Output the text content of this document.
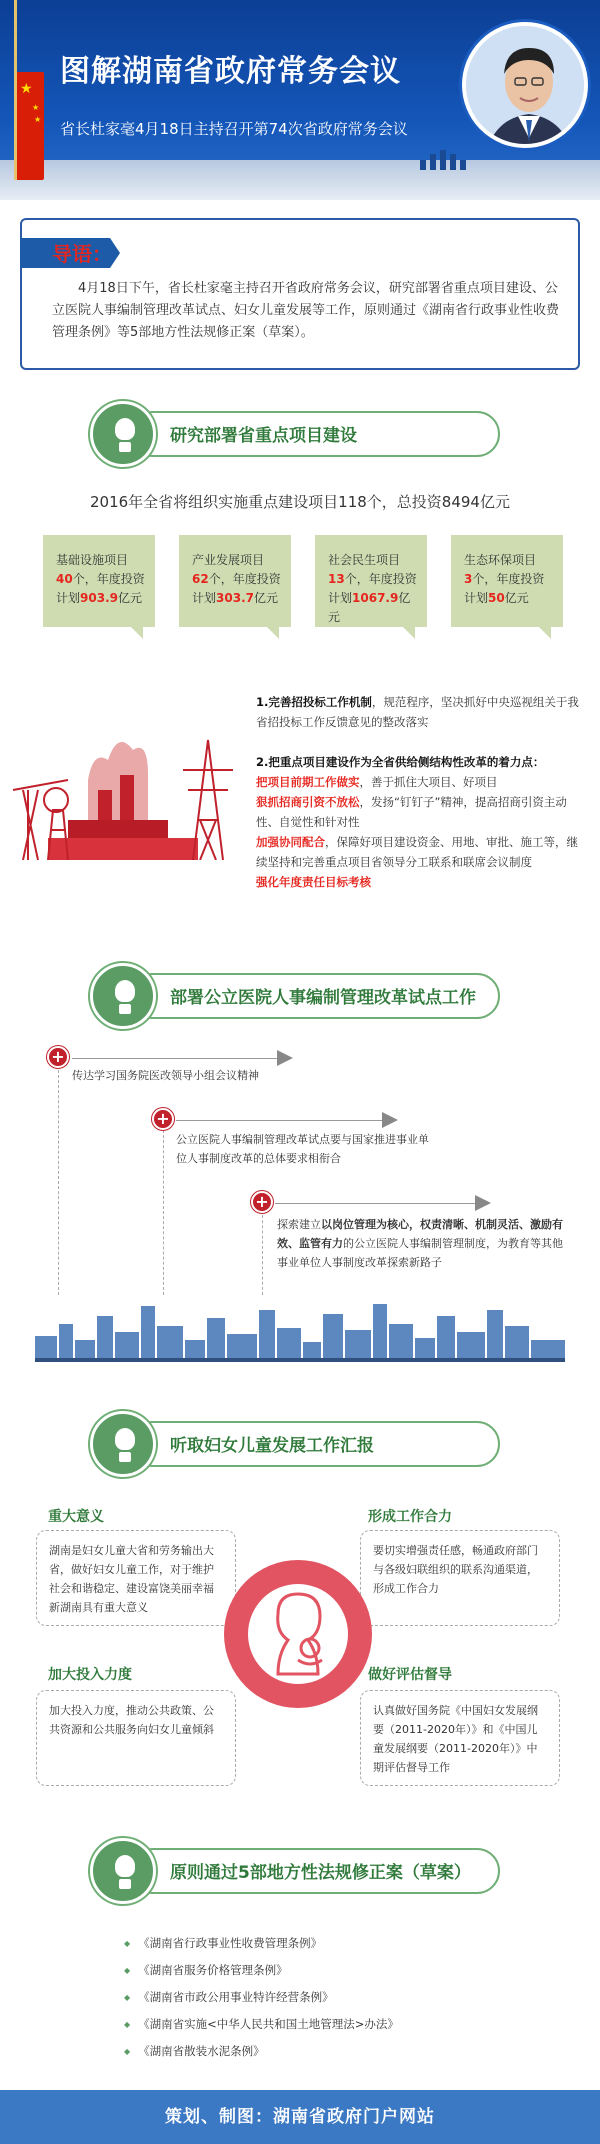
★
★
★
图解湖南省政府常务会议
省长杜家毫4月18日主持召开第74次省政府常务会议
导语：
4月18日下午，省长杜家毫主持召开省政府常务会议，研究部署省重点项目建设、公立医院人事编制管理改革试点、妇女儿童发展等工作，原则通过《湖南省行政事业性收费管理条例》等5部地方性法规修正案（草案）。
研究部署省重点项目建设
2016年全省将组织实施重点建设项目118个，总投资8494亿元
基础设施项目
40个，年度投资计划903.9亿元
产业发展项目
62个，年度投资计划303.7亿元
社会民生项目
13个，年度投资计划1067.9亿元
生态环保项目
3个，年度投资计划50亿元

1.完善招投标工作机制，规范程序，坚决抓好中央巡视组关于我省招投标工作反馈意见的整改落实

2.把重点项目建设作为全省供给侧结构性改革的着力点：

把项目前期工作做实，善于抓住大项目、好项目

狠抓招商引资不放松，发扬“钉钉子”精神，提高招商引资主动性、自觉性和针对性

加强协同配合，保障好项目建设资金、用地、审批、施工等，继续坚持和完善重点项目省领导分工联系和联席会议制度

强化年度责任目标考核

部署公立医院人事编制管理改革试点工作
+
传达学习国务院医改领导小组会议精神
+
公立医院人事编制管理改革试点要与国家推进事业单位人事制度改革的总体要求相衔合
+
探索建立以岗位管理为核心，权责清晰、机制灵活、激励有效、监管有力的公立医院人事编制管理制度，为教育等其他事业单位人事制度改革探索新路子
听取妇女儿童发展工作汇报
重大意义
湖南是妇女儿童大省和劳务输出大省，做好妇女儿童工作，对于维护社会和谐稳定、建设富饶美丽幸福新湖南具有重大意义
形成工作合力
要切实增强责任感，畅通政府部门与各级妇联组织的联系沟通渠道，形成工作合力
加大投入力度
加大投入力度，推动公共政策、公共资源和公共服务向妇女儿童倾斜
做好评估督导
认真做好国务院《中国妇女发展纲要（2011-2020年）》和《中国儿童发展纲要（2011-2020年）》中期评估督导工作
原则通过5部地方性法规修正案（草案）
◆ 《湖南省行政事业性收费管理条例》
◆ 《湖南省服务价格管理条例》
◆ 《湖南省市政公用事业特许经营条例》
◆ 《湖南省实施<中华人民共和国土地管理法>办法》
◆ 《湖南省散装水泥条例》
策划、制图：湖南省政府门户网站
